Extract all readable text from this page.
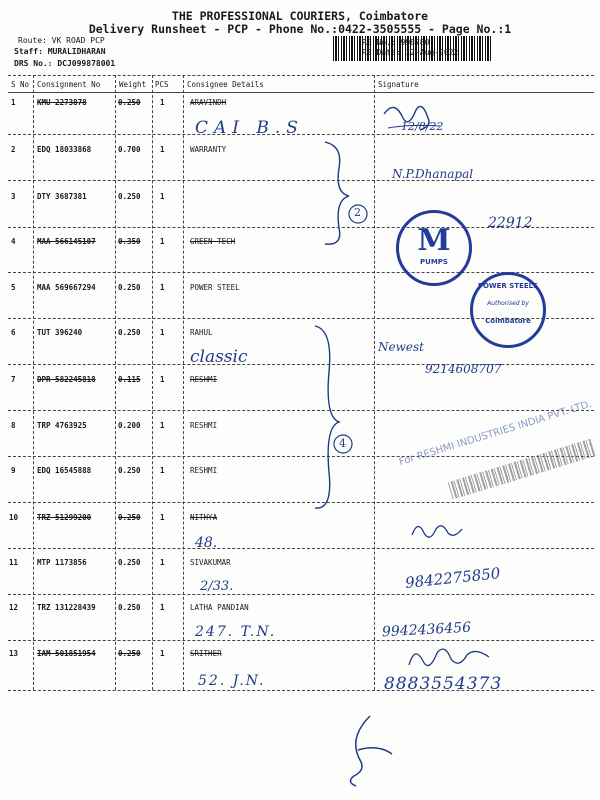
THE PROFESSIONAL COURIERS, Coimbatore
Delivery Runsheet - PCP - Phone No.:0422-3505555 - Page No.:1
Route: VK ROAD PCP
Staff: MURALIDHARAN
DRS No.: DCJ099878001
RS No.: 998780
RS Date: 12-Aug-2022
S No Consignment No	Weight PCS Consignee Details	Signature
1	KMU 2273878	0.250	1	ARAVINDH
2	EDQ 18033868	0.700	1	WARRANTY
3	DTY 3687381	0.250	1
4	MAA 566145107	0.350	1	GREEN TECH
5	MAA 569667294	0.250	1	POWER STEEL
6	TUT 396240	0.250	1	RAHUL
7	DPR 582245818	0.115	1	RESHMI
8	TRP 4763925	0.200	1	RESHMI
9	EDQ 16545888	0.250	1	RESHMI
10	TRZ 51299200	0.250	1	NITHYA
11	MTP 1173856	0.250	1	SIVAKUMAR
12	TRZ 131228439	0.250	1	LATHA PANDIAN
13	IAM 501851954	0.250	1	SRITHER
CAI B.S
classic
48.
2/33.
247. T.N.
52. J.N.
2
4
12/8/22
N.P.Dhanapal
22912
Newest
9214608707
9842275850
9942436456
8883554373
M
PUMPS
POWER STEELS
Authorised by
Coimbatore
For RESHMI INDUSTRIES INDIA PVT. LTD.
